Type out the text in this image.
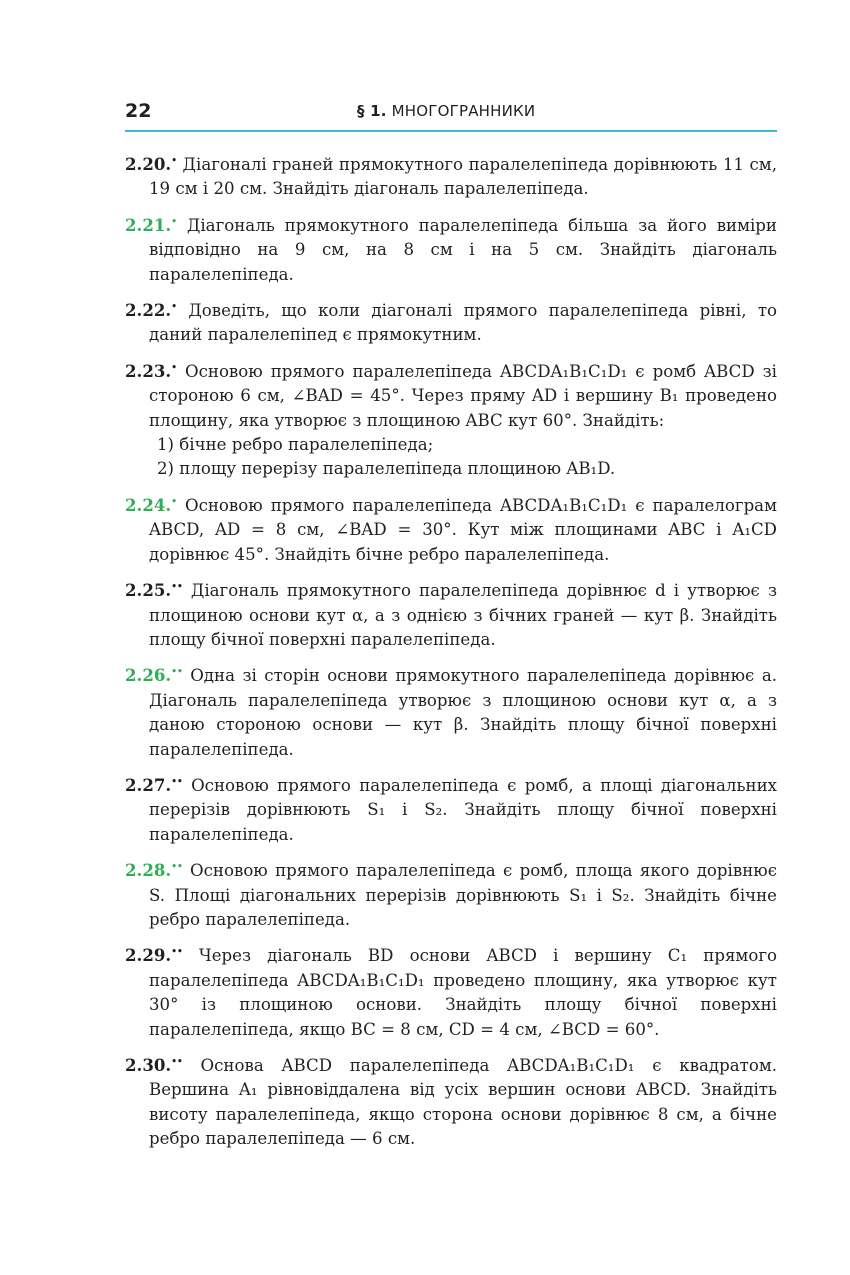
22	§ 1. МНОГОГРАННИКИ
2.20.• Діагоналі граней прямокутного паралелепіпеда дорівнюють 11 см, 19 см і 20 см. Знайдіть діагональ паралелепіпеда.
2.21.• Діагональ прямокутного паралелепіпеда більша за його виміри відповідно на 9 см, на 8 см і на 5 см. Знайдіть діагональ паралелепіпеда.
2.22.• Доведіть, що коли діагоналі прямого паралелепіпеда рівні, то даний паралелепіпед є прямокутним.
2.23.• Основою прямого паралелепіпеда ABCDA₁B₁C₁D₁ є ромб ABCD зі стороною 6 см, ∠BAD = 45°. Через пряму AD і вершину B₁ проведено площину, яка утворює з площиною ABC кут 60°. Знайдіть:
1) бічне ребро паралелепіпеда;
2) площу перерізу паралелепіпеда площиною AB₁D.
2.24.• Основою прямого паралелепіпеда ABCDA₁B₁C₁D₁ є паралелограм ABCD, AD = 8 см, ∠BAD = 30°. Кут між площинами ABC і A₁CD дорівнює 45°. Знайдіть бічне ребро паралелепіпеда.
2.25.•• Діагональ прямокутного паралелепіпеда дорівнює d і утворює з площиною основи кут α, а з однією з бічних граней — кут β. Знайдіть площу бічної поверхні паралелепіпеда.
2.26.•• Одна зі сторін основи прямокутного паралелепіпеда дорівнює a. Діагональ паралелепіпеда утворює з площиною основи кут α, а з даною стороною основи — кут β. Знайдіть площу бічної поверхні паралелепіпеда.
2.27.•• Основою прямого паралелепіпеда є ромб, а площі діагональних перерізів дорівнюють S₁ і S₂. Знайдіть площу бічної поверхні паралелепіпеда.
2.28.•• Основою прямого паралелепіпеда є ромб, площа якого дорівнює S. Площі діагональних перерізів дорівнюють S₁ і S₂. Знайдіть бічне ребро паралелепіпеда.
2.29.•• Через діагональ BD основи ABCD і вершину C₁ прямого паралелепіпеда ABCDA₁B₁C₁D₁ проведено площину, яка утворює кут 30° із площиною основи. Знайдіть площу бічної поверхні паралелепіпеда, якщо BC = 8 см, CD = 4 см, ∠BCD = 60°.
2.30.•• Основа ABCD паралелепіпеда ABCDA₁B₁C₁D₁ є квадратом. Вершина A₁ рівновіддалена від усіх вершин основи ABCD. Знайдіть висоту паралелепіпеда, якщо сторона основи дорівнює 8 см, а бічне ребро паралелепіпеда — 6 см.
